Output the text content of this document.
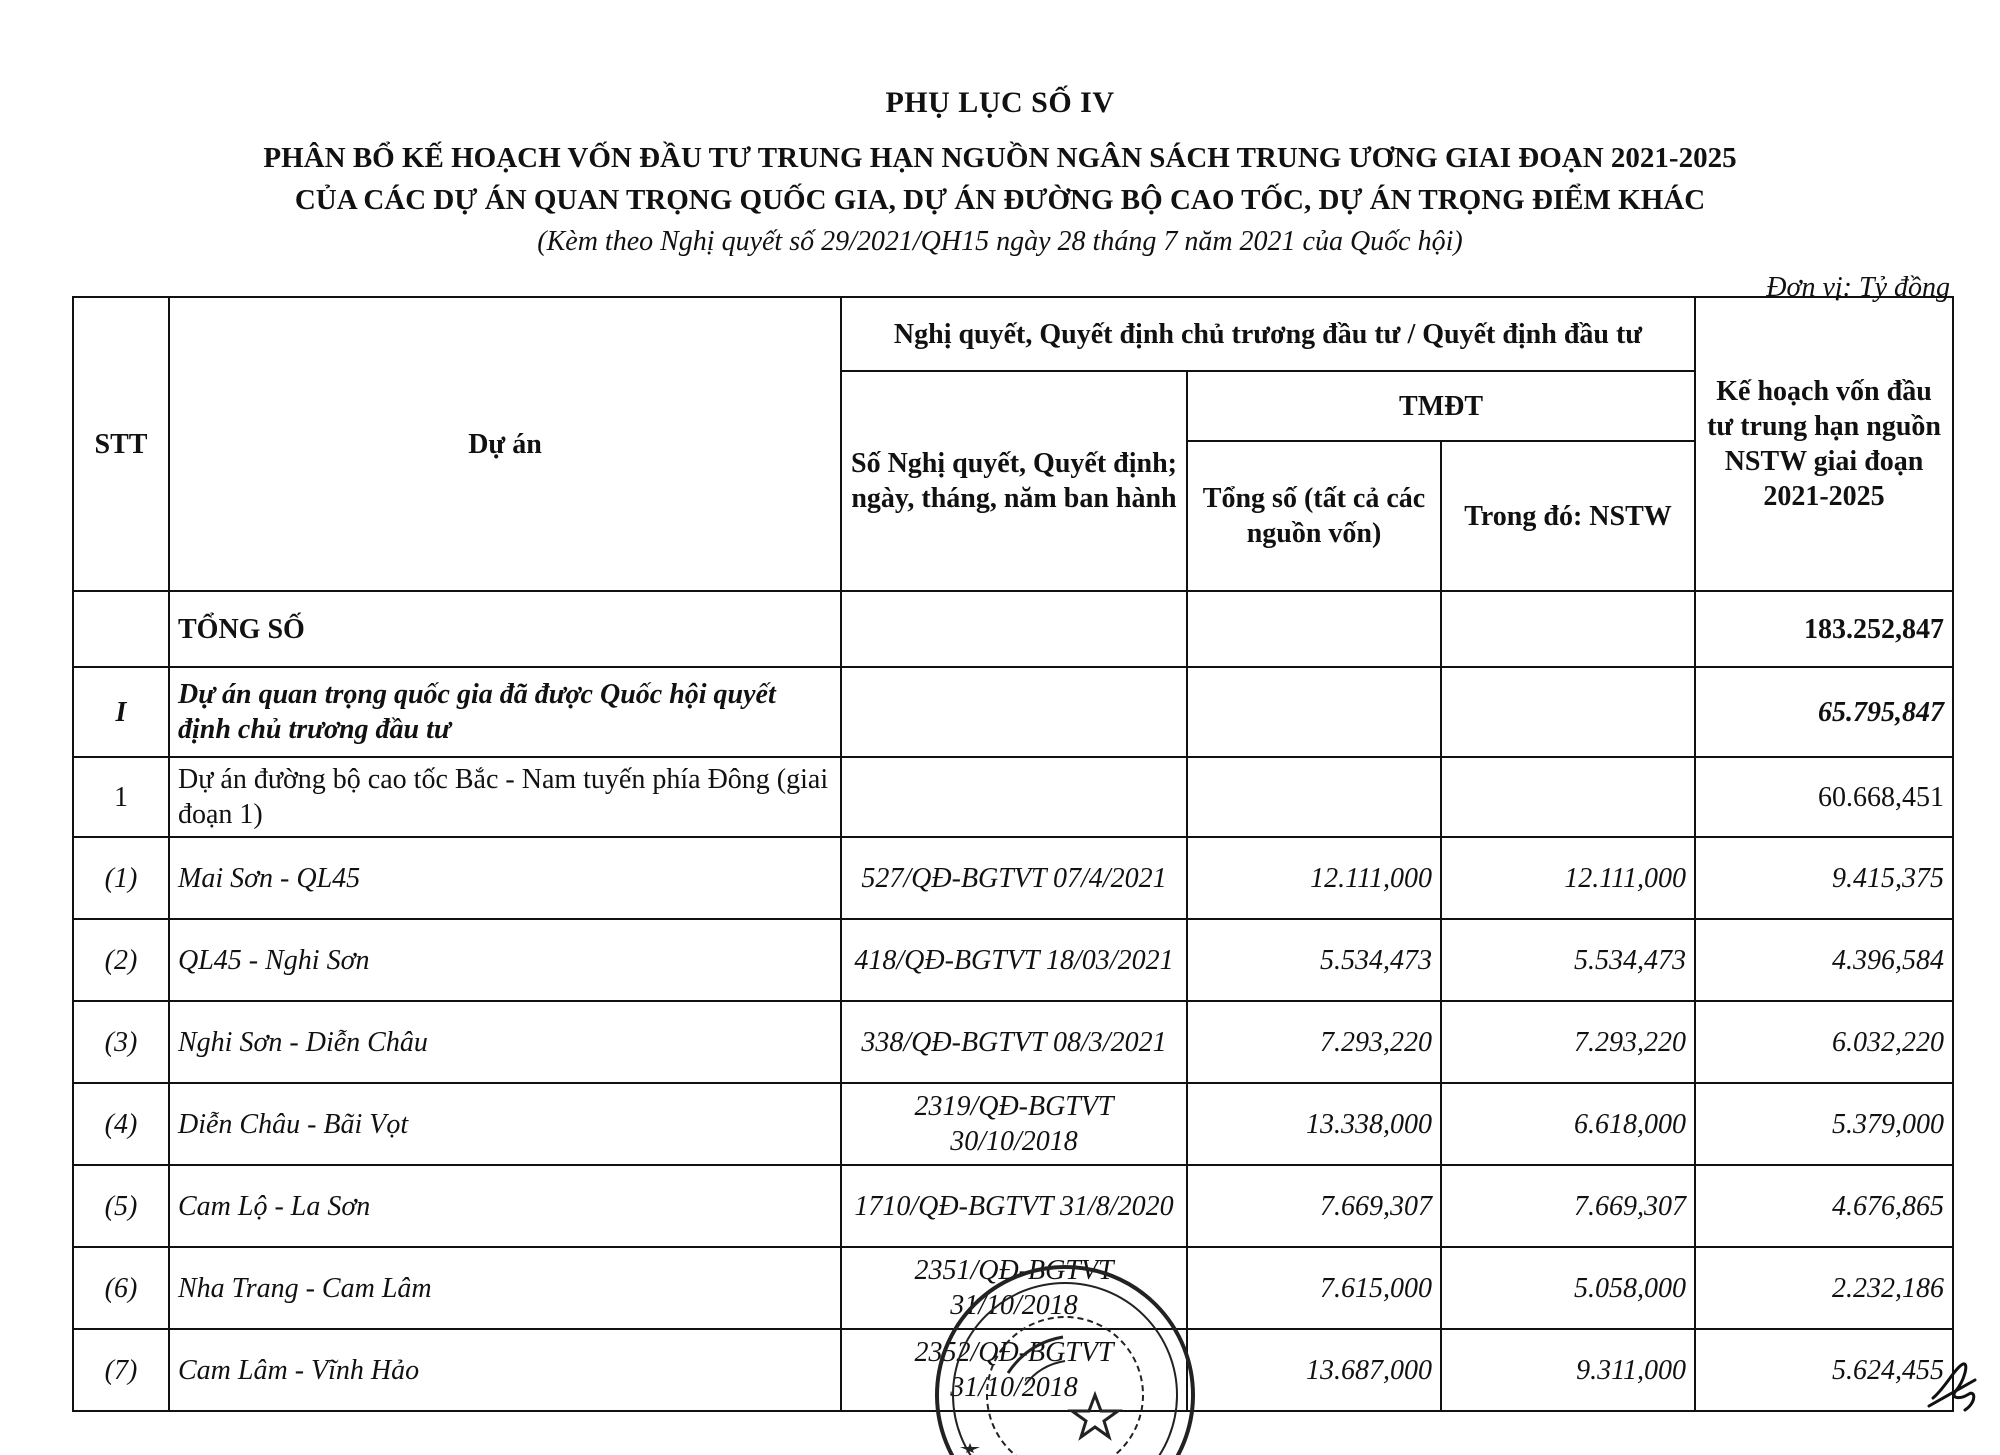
PHỤ LỤC SỐ IV
PHÂN BỔ KẾ HOẠCH VỐN ĐẦU TƯ TRUNG HẠN NGUỒN NGÂN SÁCH TRUNG ƯƠNG GIAI ĐOẠN 2021-2025
CỦA CÁC DỰ ÁN QUAN TRỌNG QUỐC GIA, DỰ ÁN ĐƯỜNG BỘ CAO TỐC, DỰ ÁN TRỌNG ĐIỂM KHÁC
(Kèm theo Nghị quyết số 29/2021/QH15 ngày 28 tháng 7 năm 2021 của Quốc hội)
Đơn vị: Tỷ đồng
STT	Dự án	Nghị quyết, Quyết định chủ trương đầu tư / Quyết định đầu tư			Kế hoạch vốn đầu tư trung hạn nguồn NSTW giai đoạn 2021-2025
		Số Nghị quyết, Quyết định; ngày, tháng, năm ban hành	TMĐT		
			Tổng số (tất cả các nguồn vốn)	Trong đó: NSTW	
	TỔNG SỐ				183.252,847
I	Dự án quan trọng quốc gia đã được Quốc hội quyết định chủ trương đầu tư				65.795,847
1	Dự án đường bộ cao tốc Bắc - Nam tuyến phía Đông (giai đoạn 1)				60.668,451
(1)	Mai Sơn - QL45	527/QĐ-BGTVT 07/4/2021	12.111,000	12.111,000	9.415,375
(2)	QL45 - Nghi Sơn	418/QĐ-BGTVT 18/03/2021	5.534,473	5.534,473	4.396,584
(3)	Nghi Sơn - Diễn Châu	338/QĐ-BGTVT 08/3/2021	7.293,220	7.293,220	6.032,220
(4)	Diễn Châu - Bãi Vọt	2319/QĐ-BGTVT 30/10/2018	13.338,000	6.618,000	5.379,000
(5)	Cam Lộ - La Sơn	1710/QĐ-BGTVT 31/8/2020	7.669,307	7.669,307	4.676,865
(6)	Nha Trang - Cam Lâm	2351/QĐ-BGTVT 31/10/2018	7.615,000	5.058,000	2.232,186
(7)	Cam Lâm - Vĩnh Hảo	2352/QĐ-BGTVT 31/10/2018	13.687,000	9.311,000	5.624,455
